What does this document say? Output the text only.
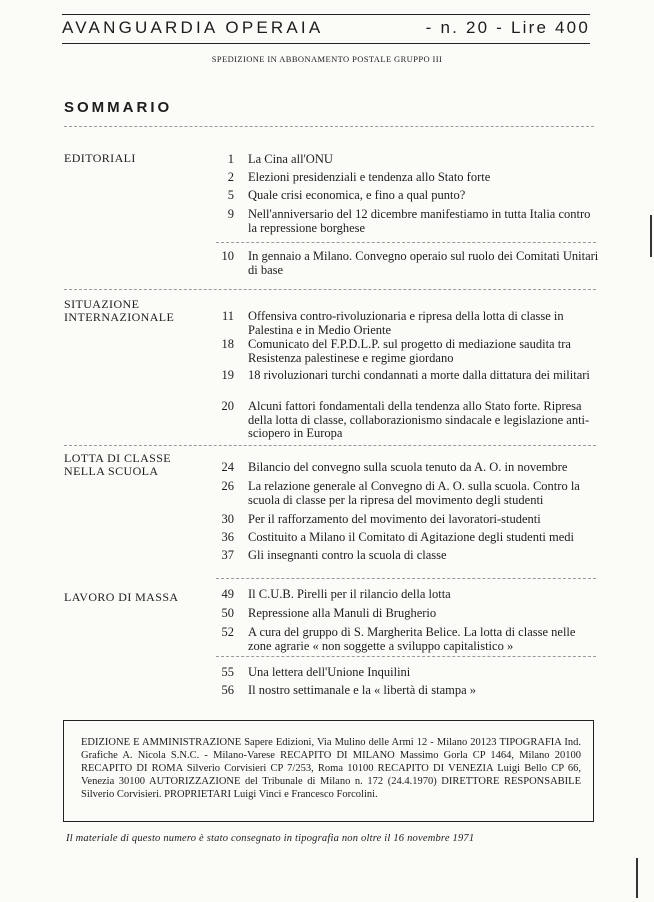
AVANGUARDIA OPERAIA	- n. 20 - Lire 400
SPEDIZIONE IN ABBONAMENTO POSTALE GRUPPO III
SOMMARIO
EDITORIALI
SITUAZIONE INTERNAZIONALE
LOTTA DI CLASSE NELLA SCUOLA
LAVORO DI MASSA
1 La Cina all'ONU
2 Elezioni presidenziali e tendenza allo Stato forte
5 Quale crisi economica, e fino a qual punto?
9 Nell'anniversario del 12 dicembre manifestiamo in tutta Italia contro la repressione borghese
10 In gennaio a Milano. Convegno operaio sul ruolo dei Comitati Unitari di base
11 Offensiva contro-rivoluzionaria e ripresa della lotta di classe in Palestina e in Medio Oriente
18 Comunicato del F.P.D.L.P. sul progetto di mediazione saudita tra Resistenza palestinese e regime giordano
19 18 rivoluzionari turchi condannati a morte dalla dittatura dei militari
20 Alcuni fattori fondamentali della tendenza allo Stato forte. Ripresa della lotta di classe, collaborazionismo sindacale e legislazione anti-sciopero in Europa
24 Bilancio del convegno sulla scuola tenuto da A. O. in novembre
26 La relazione generale al Convegno di A. O. sulla scuola. Contro la scuola di classe per la ripresa del movimento degli studenti
30 Per il rafforzamento del movimento dei lavoratori-studenti
36 Costituito a Milano il Comitato di Agitazione degli studenti medi
37 Gli insegnanti contro la scuola di classe
49 Il C.U.B. Pirelli per il rilancio della lotta
50 Repressione alla Manuli di Brugherio
52 A cura del gruppo di S. Margherita Belice. La lotta di classe nelle zone agrarie « non soggette a sviluppo capitalistico »
55 Una lettera dell'Unione Inquilini
56 Il nostro settimanale e la « libertà di stampa »
EDIZIONE E AMMINISTRAZIONE Sapere Edizioni, Via Mulino delle Armi 12 - Milano 20123 TIPOGRAFIA Ind. Grafiche A. Nicola S.N.C. - Milano-Varese RECAPITO DI MILANO Massimo Gorla CP 1464, Milano 20100 RECAPITO DI ROMA Silverio Corvisieri CP 7/253, Roma 10100 RECAPITO DI VENEZIA Luigi Bello CP 66, Venezia 30100 AUTORIZZAZIONE del Tribunale di Milano n. 172 (24.4.1970) DIRETTORE RESPONSABILE Silverio Corvisieri. PROPRIETARI Luigi Vinci e Francesco Forcolini.
Il materiale di questo numero è stato consegnato in tipografia non oltre il 16 novembre 1971
